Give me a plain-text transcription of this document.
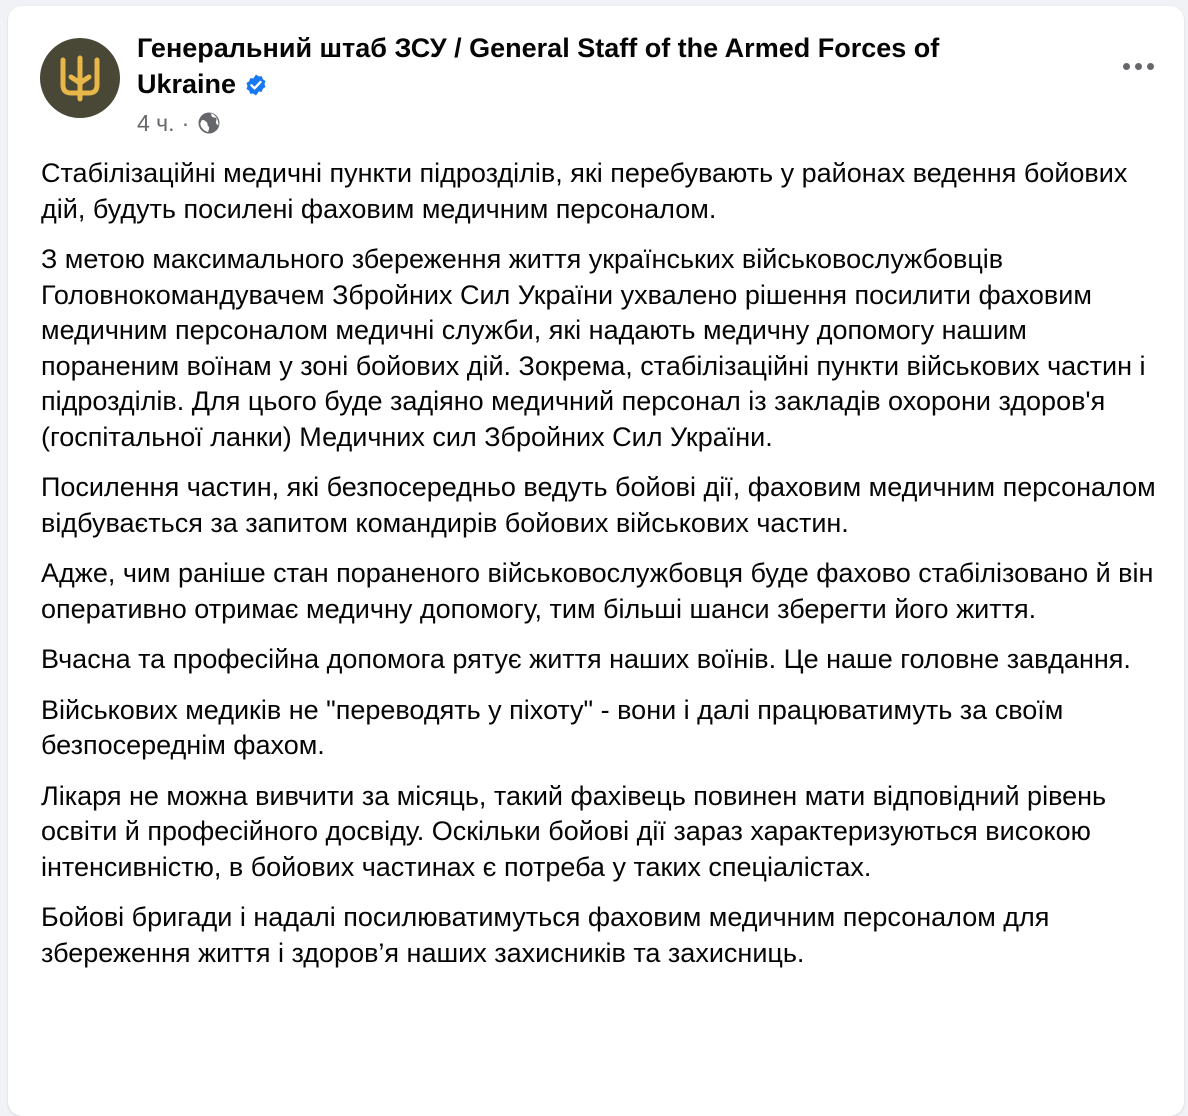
Генеральний штаб ЗСУ / General Staff of the Armed Forces of Ukraine
4 ч. ·

Стабілізаційні медичні пункти підрозділів, які перебувають у районах ведення бойових дій, будуть посилені фаховим медичним персоналом.

З метою максимального збереження життя українських військовослужбовців Головнокомандувачем Збройних Сил України ухвалено рішення посилити фаховим медичним персоналом медичні служби, які надають медичну допомогу нашим пораненим воїнам у зоні бойових дій. Зокрема, стабілізаційні пункти військових частин і підрозділів. Для цього буде задіяно медичний персонал із закладів охорони здоров'я (госпітальної ланки) Медичних сил Збройних Сил України.

Посилення частин, які безпосередньо ведуть бойові дії, фаховим медичним персоналом відбувається за запитом командирів бойових військових частин.

Адже, чим раніше стан пораненого військовослужбовця буде фахово стабілізовано й він оперативно отримає медичну допомогу, тим більші шанси зберегти його життя.

Вчасна та професійна допомога рятує життя наших воїнів. Це наше головне завдання.

Військових медиків не "переводять у піхоту" - вони і далі працюватимуть за своїм безпосереднім фахом.

Лікаря не можна вивчити за місяць, такий фахівець повинен мати відповідний рівень освіти й професійного досвіду. Оскільки бойові дії зараз характеризуються високою інтенсивністю, в бойових частинах є потреба у таких спеціалістах.

Бойові бригади і надалі посилюватимуться фаховим медичним персоналом для збереження життя і здоров’я наших захисників та захисниць.
